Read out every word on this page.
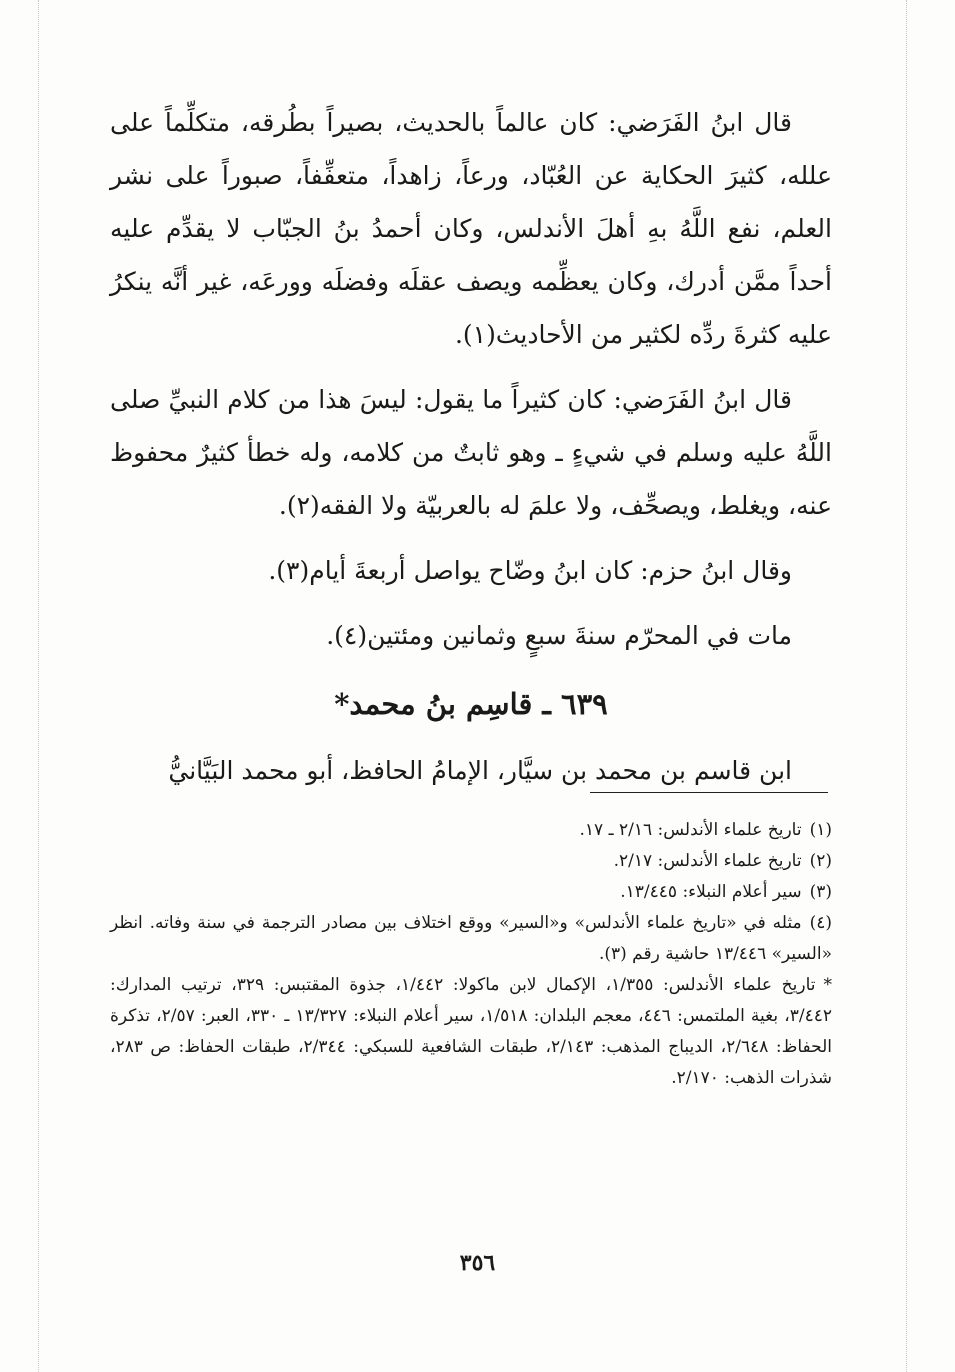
قال ابنُ الفَرَضي: كان عالماً بالحديث، بصيراً بطُرقه، متكلِّماً على علله، كثيرَ الحكاية عن العُبّاد، ورعاً، زاهداً، متعفِّفاً، صبوراً على نشر العلم، نفع اللَّهُ بهِ أهلَ الأندلس، وكان أحمدُ بنُ الجبّاب لا يقدِّم عليه أحداً ممَّن أدرك، وكان يعظِّمه ويصف عقلَه وفضلَه وورعَه، غير أنَّه ينكرُ عليه كثرةَ ردِّه لكثير من الأحاديث(١).

قال ابنُ الفَرَضي: كان كثيراً ما يقول: ليسَ هذا من كلام النبيِّ صلى اللَّهُ عليه وسلم في شيءٍ ـ وهو ثابتٌ من كلامه، وله خطأ كثيرٌ محفوظ عنه، ويغلط، ويصحِّف، ولا علمَ له بالعربيّة ولا الفقه(٢).

وقال ابنُ حزم: كان ابنُ وضّاح يواصل أربعةَ أيام(٣).

مات في المحرّم سنةَ سبعٍ وثمانين ومئتين(٤).

٦٣٩ ـ قاسِم بنُ محمد*

ابن قاسم بن محمد بن سيَّار، الإمامُ الحافظ، أبو محمد البَيَّانيُّ

(١)تاريخ علماء الأندلس: ٢/١٦ ـ ١٧.

(٢)تاريخ علماء الأندلس: ٢/١٧.

(٣)سير أعلام النبلاء: ١٣/٤٤٥.

(٤)مثله في «تاريخ علماء الأندلس» و«السير» ووقع اختلاف بين مصادر الترجمة في سنة وفاته. انظر «السير» ١٣/٤٤٦ حاشية رقم (٣).

*تاريخ علماء الأندلس: ١/٣٥٥، الإكمال لابن ماكولا: ١/٤٤٢، جذوة المقتبس: ٣٢٩، ترتيب المدارك: ٣/٤٤٢، بغية الملتمس: ٤٤٦، معجم البلدان: ١/٥١٨، سير أعلام النبلاء: ١٣/٣٢٧ ـ ٣٣٠، العبر: ٢/٥٧، تذكرة الحفاظ: ٢/٦٤٨، الديباج المذهب: ٢/١٤٣، طبقات الشافعية للسبكي: ٢/٣٤٤، طبقات الحفاظ: ص ٢٨٣، شذرات الذهب: ٢/١٧٠.

٣٥٦
